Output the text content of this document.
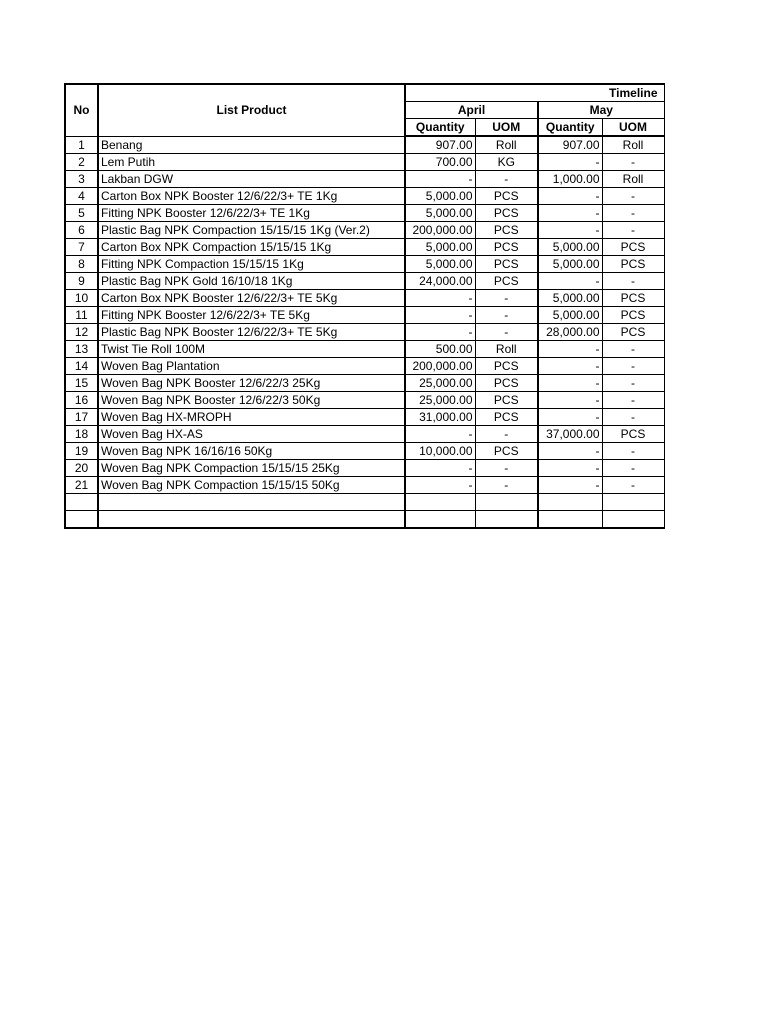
No	List Product	Timeline			
		April		May	
		Quantity	UOM	Quantity	UOM
1	Benang	907.00	Roll	907.00	Roll
2	Lem Putih	700.00	KG	-	-
3	Lakban DGW	-	-	1,000.00	Roll
4	Carton Box NPK Booster 12/6/22/3+ TE 1Kg	5,000.00	PCS	-	-
5	Fitting NPK Booster 12/6/22/3+ TE 1Kg	5,000.00	PCS	-	-
6	Plastic Bag NPK Compaction 15/15/15 1Kg (Ver.2)	200,000.00	PCS	-	-
7	Carton Box NPK Compaction 15/15/15 1Kg	5,000.00	PCS	5,000.00	PCS
8	Fitting NPK Compaction 15/15/15 1Kg	5,000.00	PCS	5,000.00	PCS
9	Plastic Bag NPK Gold 16/10/18 1Kg	24,000.00	PCS	-	-
10	Carton Box NPK Booster 12/6/22/3+ TE 5Kg	-	-	5,000.00	PCS
11	Fitting NPK Booster 12/6/22/3+ TE 5Kg	-	-	5,000.00	PCS
12	Plastic Bag NPK Booster 12/6/22/3+ TE 5Kg	-	-	28,000.00	PCS
13	Twist Tie Roll 100M	500.00	Roll	-	-
14	Woven Bag Plantation	200,000.00	PCS	-	-
15	Woven Bag NPK Booster 12/6/22/3 25Kg	25,000.00	PCS	-	-
16	Woven Bag NPK Booster 12/6/22/3 50Kg	25,000.00	PCS	-	-
17	Woven Bag HX-MROPH	31,000.00	PCS	-	-
18	Woven Bag HX-AS	-	-	37,000.00	PCS
19	Woven Bag NPK 16/16/16 50Kg	10,000.00	PCS	-	-
20	Woven Bag NPK Compaction 15/15/15 25Kg	-	-	-	-
21	Woven Bag NPK Compaction 15/15/15 50Kg	-	-	-	-
